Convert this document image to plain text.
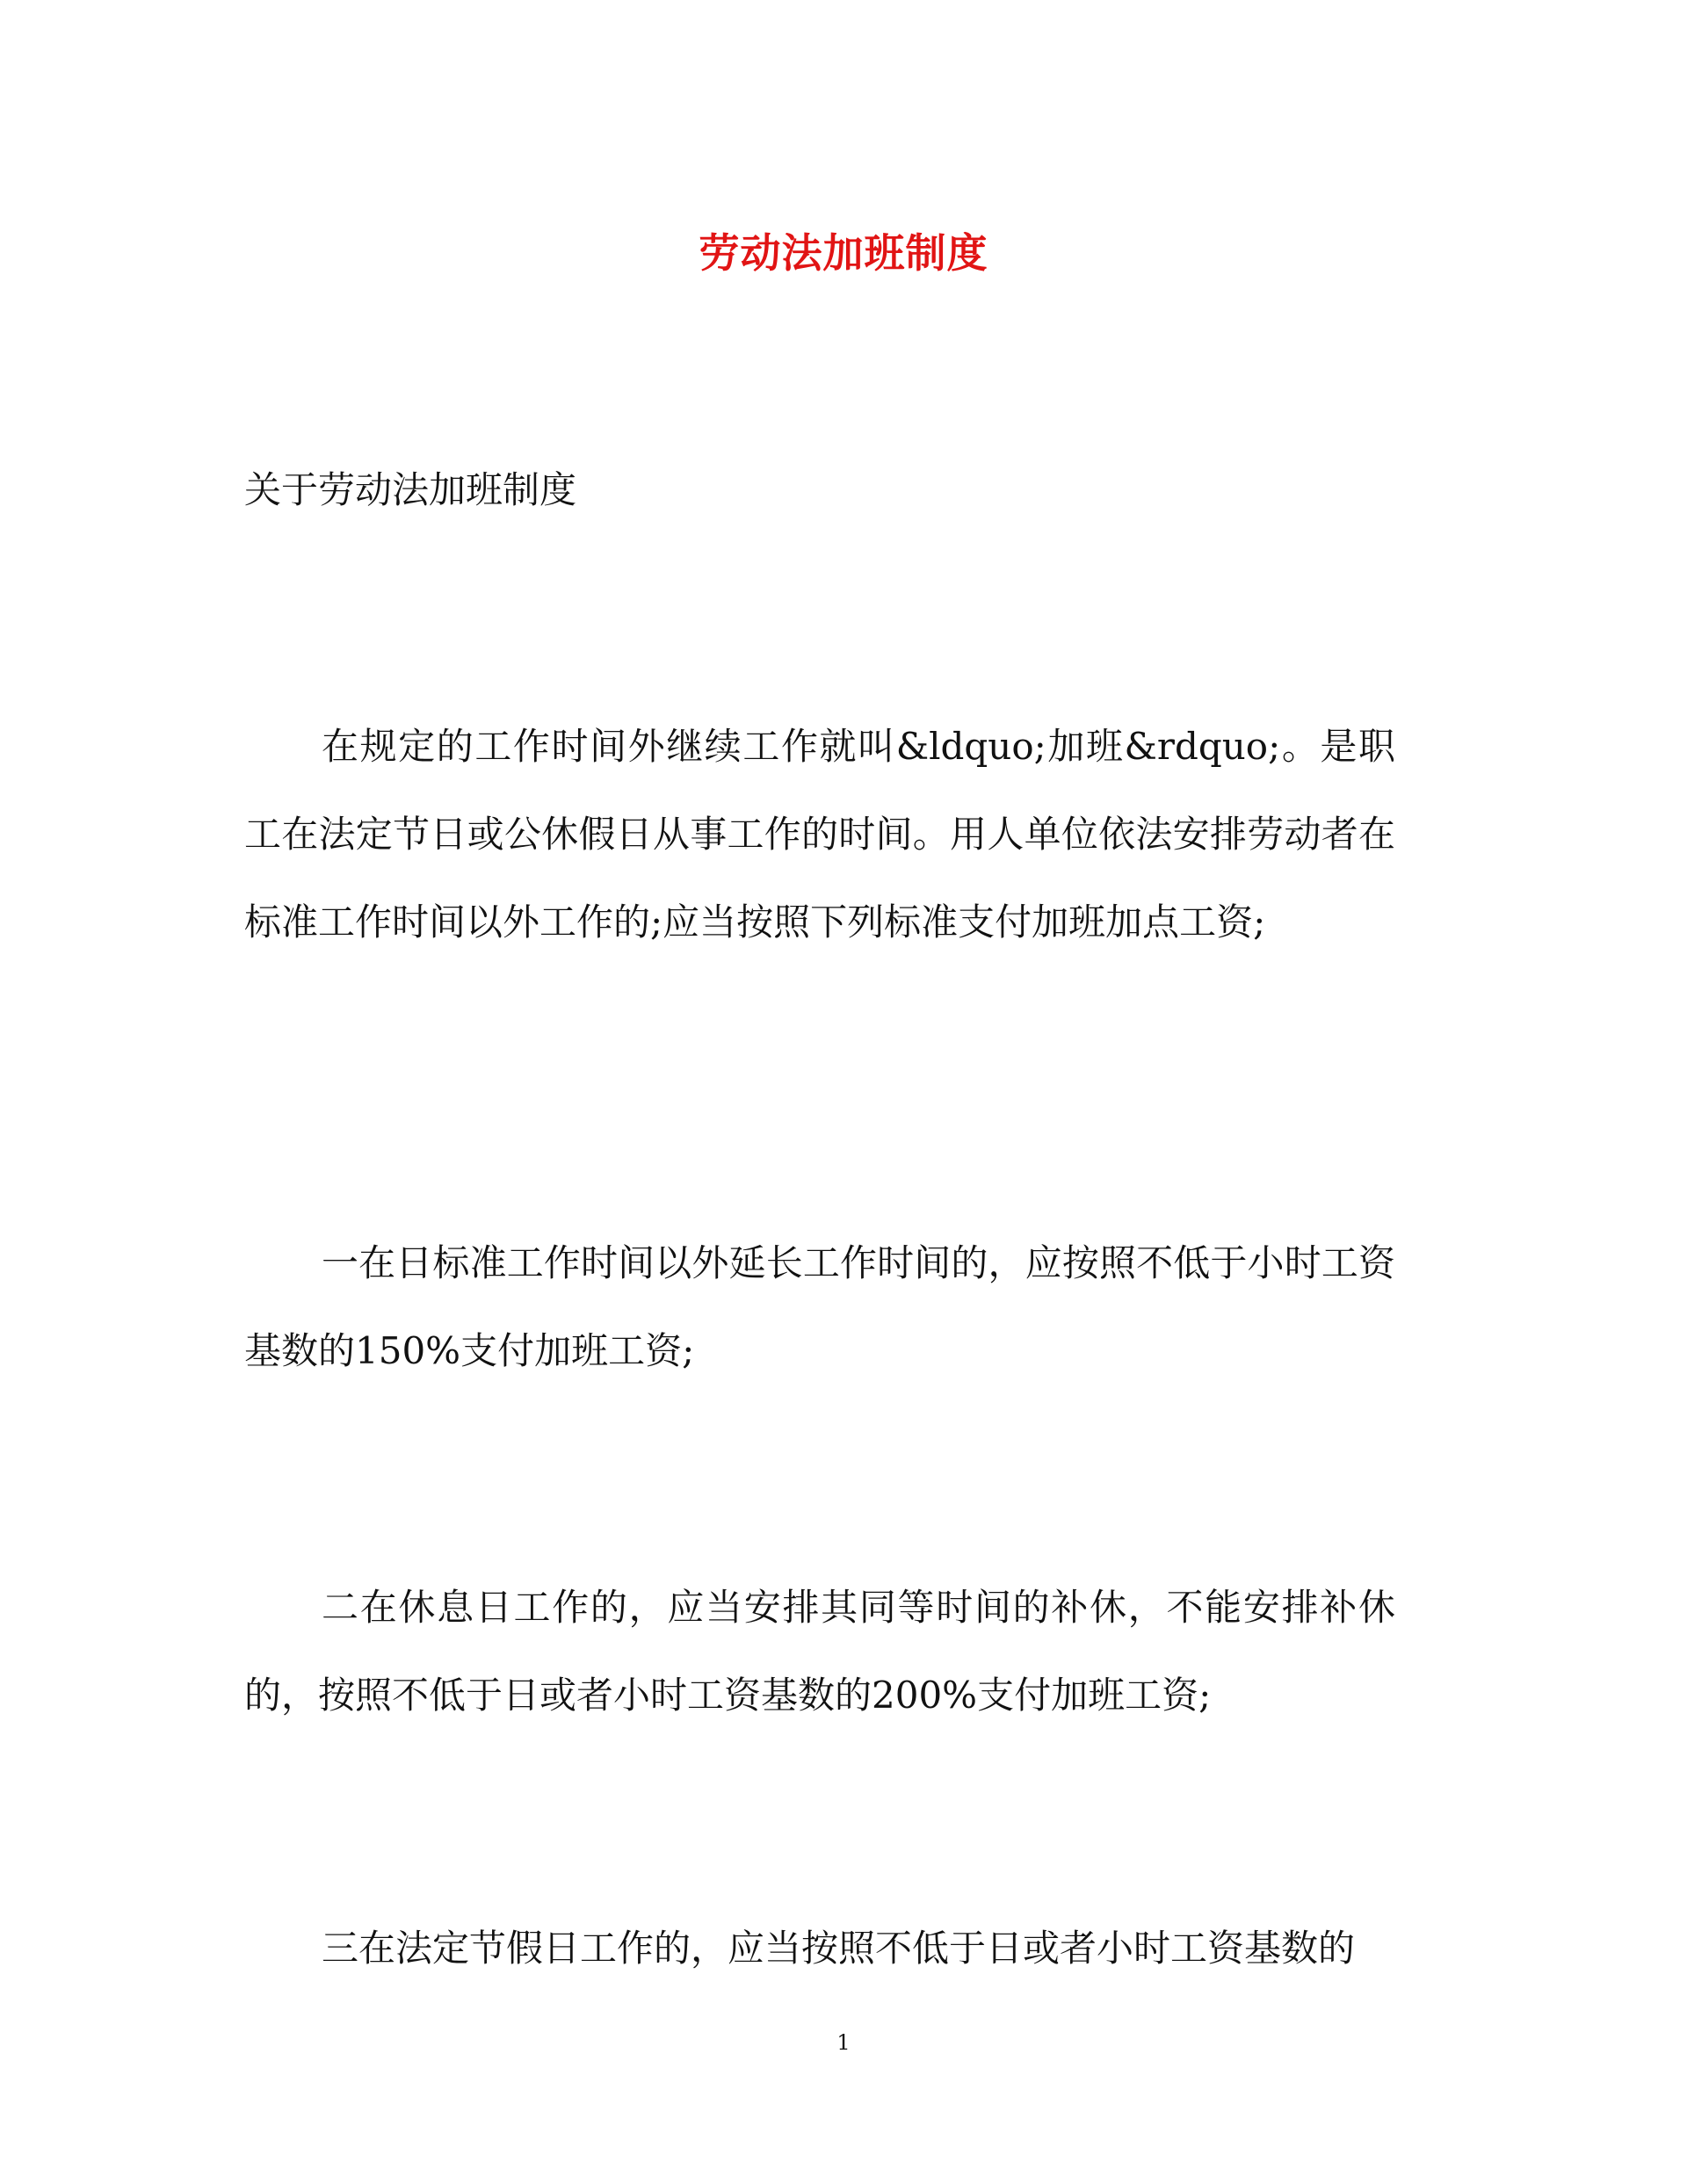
劳动法加班制度

关于劳动法加班制度

在规定的工作时间外继续工作就叫&ldquo;加班&rdquo;。是职工在法定节日或公休假日从事工作的时间。用人单位依法安排劳动者在标准工作时间以外工作的;应当按照下列标准支付加班加点工资;

一在日标准工作时间以外延长工作时间的，应按照不低于小时工资基数的150%支付加班工资;

二在休息日工作的，应当安排其同等时间的补休，不能安排补休的，按照不低于日或者小时工资基数的200%支付加班工资;

三在法定节假日工作的，应当按照不低于日或者小时工资基数的

1
